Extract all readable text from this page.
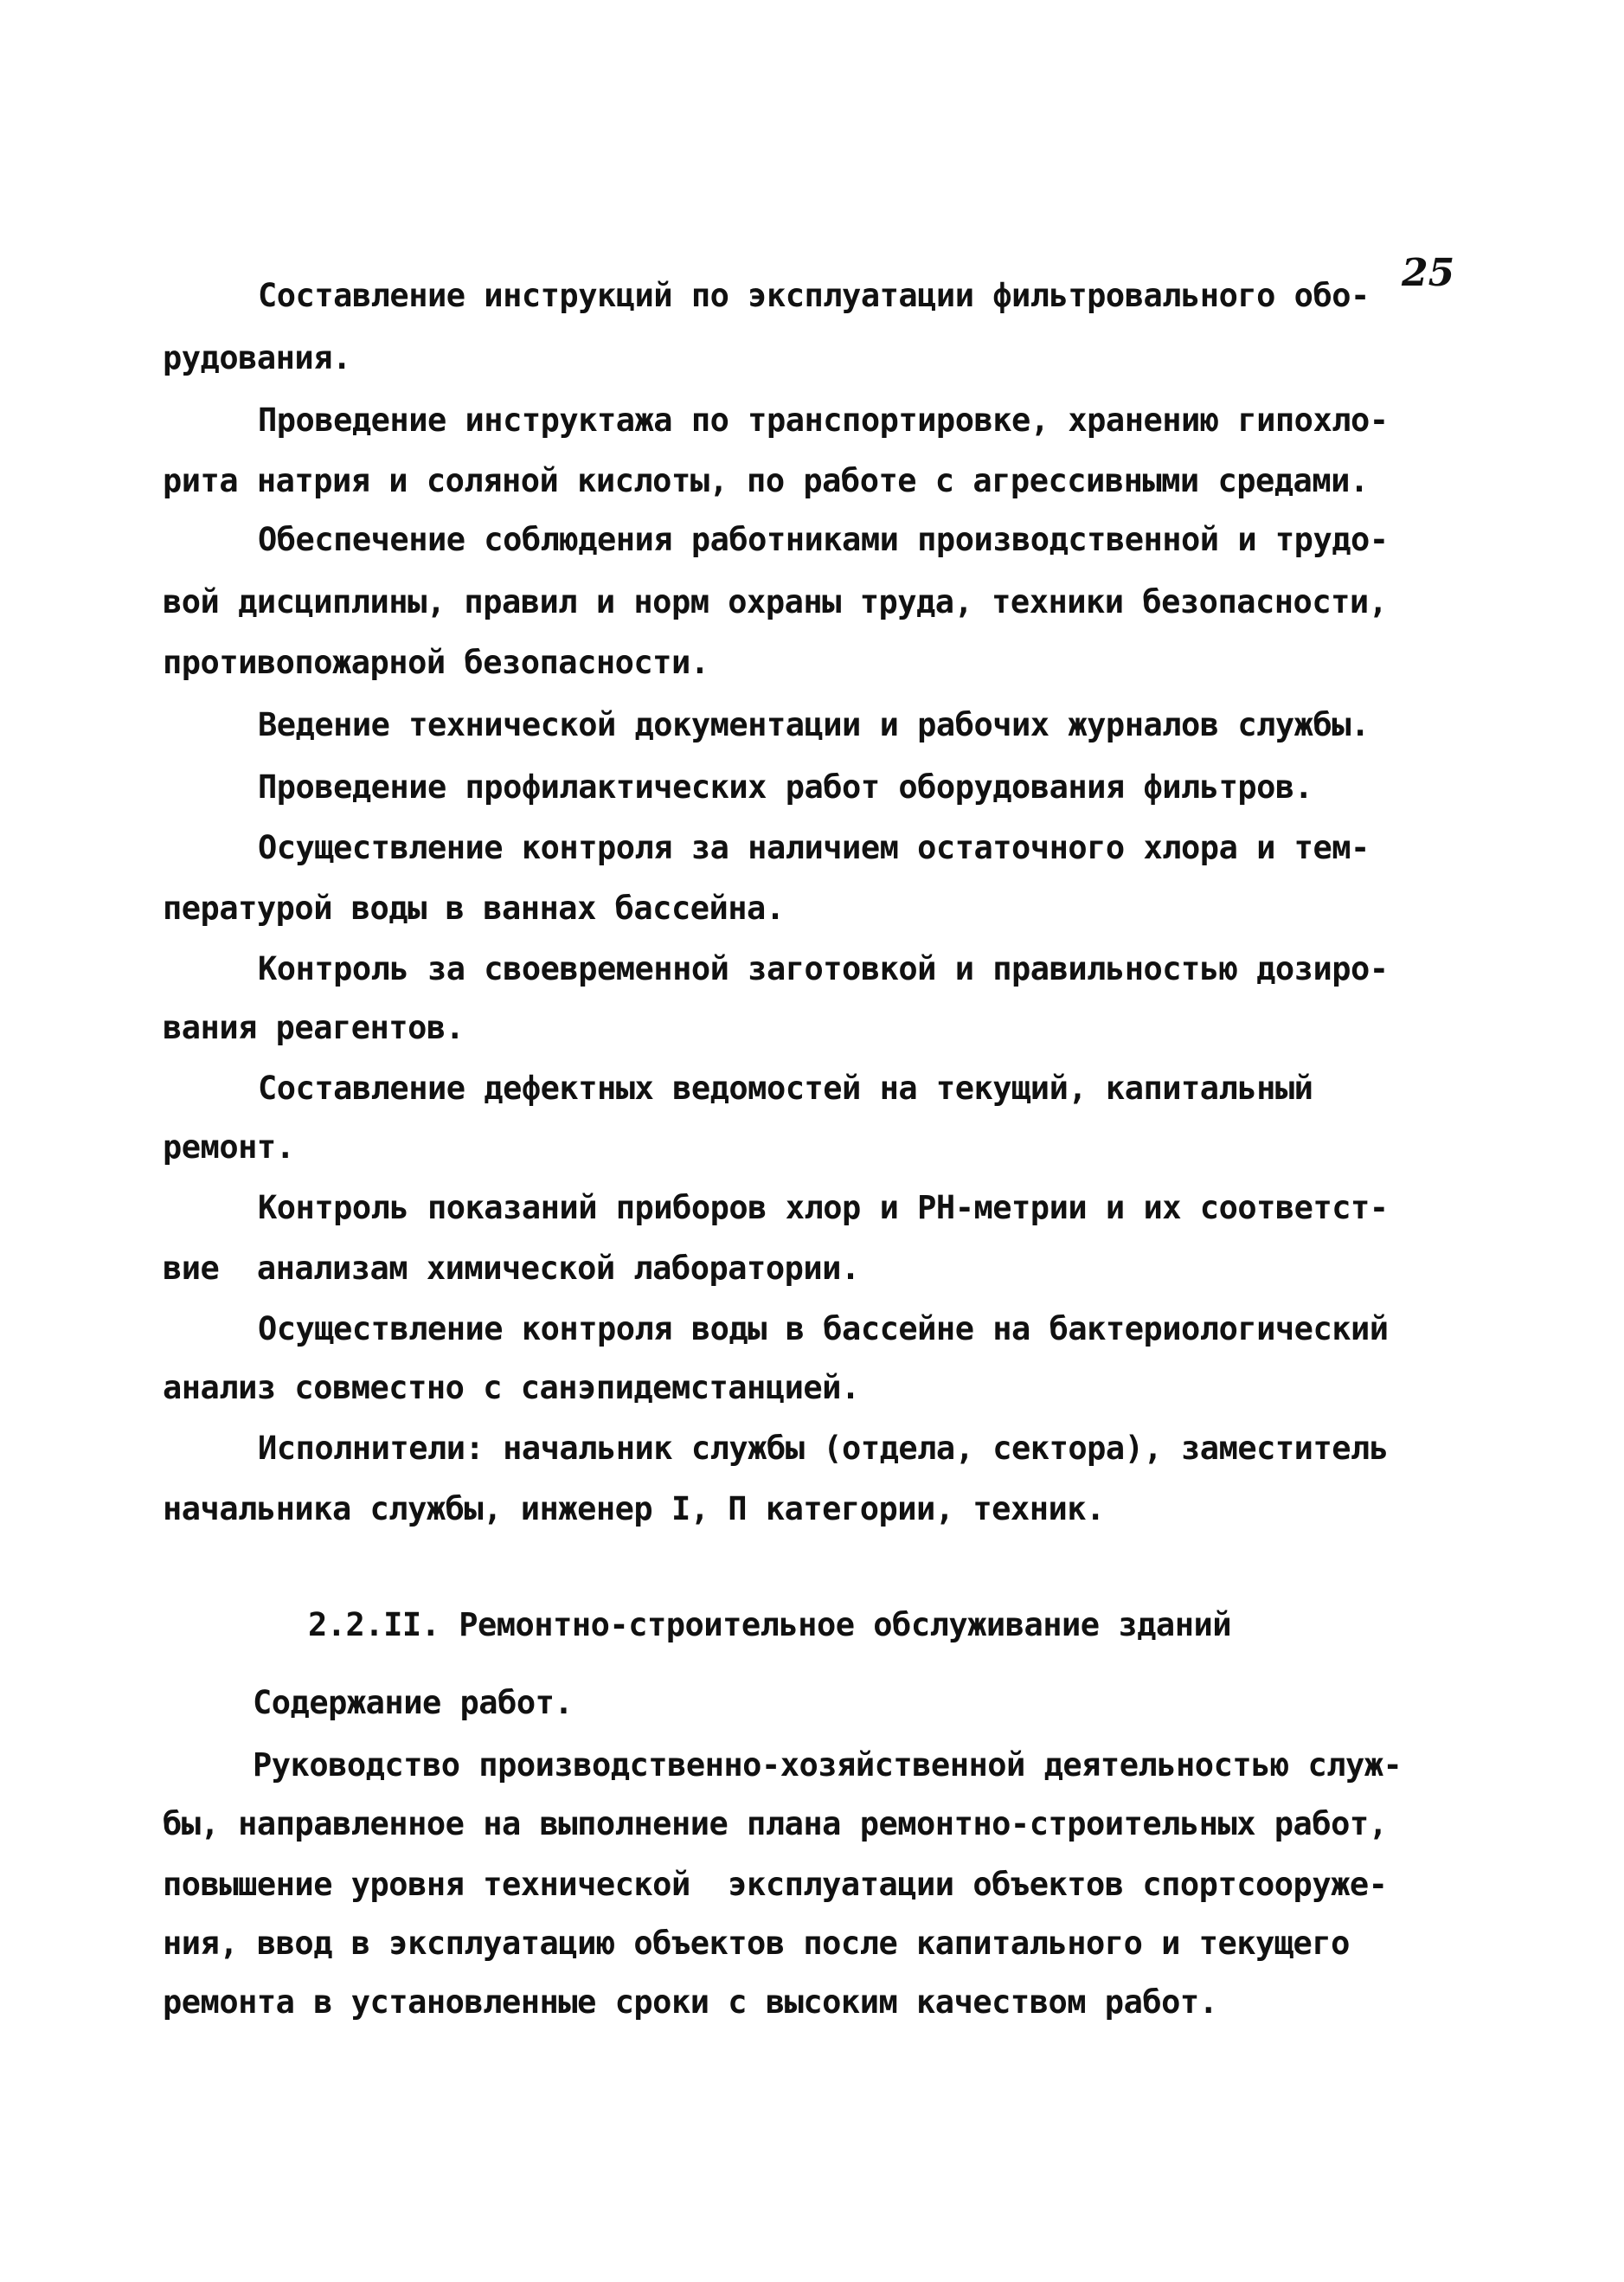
25
Составление инструкций по эксплуатации фильтровального обо-
рудования.
Проведение инструктажа по транспортировке, хранению гипохло-
рита натрия и соляной кислоты, по работе с агрессивными средами.
Обеспечение соблюдения работниками производственной и трудо-
вой дисциплины, правил и норм охраны труда, техники безопасности,
противопожарной безопасности.
Ведение технической документации и рабочих журналов службы.
Проведение профилактических работ оборудования фильтров.
Осуществление контроля за наличием остаточного хлора и тем-
пературой воды в ваннах бассейна.
Контроль за своевременной заготовкой и правильностью дозиро-
вания реагентов.
Составление дефектных ведомостей на текущий, капитальный
ремонт.
Контроль показаний приборов хлор и РН-метрии и их соответст-
вие  анализам химической лаборатории.
Осуществление контроля воды в бассейне на бактериологический
анализ совместно с санэпидемстанцией.
Исполнители: начальник службы (отдела, сектора), заместитель
начальника службы, инженер I, П категории, техник.
2.2.II. Ремонтно-строительное обслуживание зданий
Содержание работ.
Руководство производственно-хозяйственной деятельностью служ-
бы, направленное на выполнение плана ремонтно-строительных работ,
повышение уровня технической  эксплуатации объектов спортсооруже-
ния, ввод в эксплуатацию объектов после капитального и текущего
ремонта в установленные сроки с высоким качеством работ.
